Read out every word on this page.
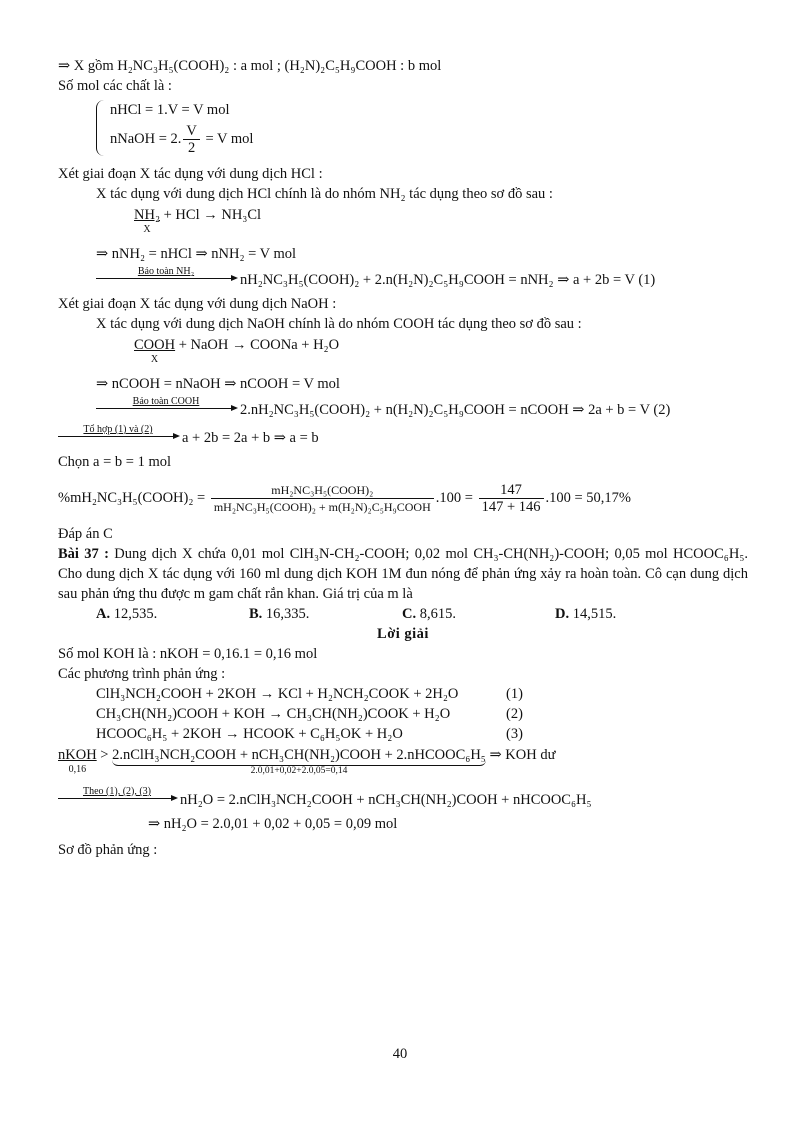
⇒ X gồm H₂NC₃H₅(COOH)₂ : a mol ; (H₂N)₂C₅H₉COOH : b mol
Số mol các chất là :
nHCl = 1.V = V mol
nNaOH = 2. $\frac{V}{2} = V$ mol
Xét giai đoạn X tác dụng với dung dịch HCl :
X tác dụng với dung dịch HCl chính là do nhóm NH₂ tác dụng theo sơ đồ sau :
NH₂
X
+ HCl → NH₃Cl
⇒ nNH₂ = nHCl ⇒ nNH₂ = V mol
Bảo toàn NH₂
nH₂NC₃H₅(COOH)₂ + 2.n(H₂N)₂C₅H₉COOH = nNH₂ ⇒ a + 2b = V (1)
Xét giai đoạn X tác dụng với dung dịch NaOH :
X tác dụng với dung dịch NaOH chính là do nhóm COOH tác dụng theo sơ đồ sau :
COOH
X
+ NaOH → COONa + H₂O
⇒ nCOOH = nNaOH ⇒ nCOOH = V mol
Bảo toàn COOH
2.nH₂NC₃H₅(COOH)₂ + n(H₂N)₂C₅H₉COOH = nCOOH ⇒ 2a + b = V (2)
Tổ hợp (1) và (2)
a + 2b = 2a + b ⇒ a = b
Chọn a = b = 1 mol
%mH₂NC₃H₅(COOH)₂ = $\frac{\text{mH₂NC₃H₅(COOH)₂}}{\text{mH₂NC₃H₅(COOH)₂ + m(H₂N)₂C₅H₉COOH}} .100 = \frac{147}{147 + 146} .100 = 50,17\%$
Đáp án C
Bài 37 : Dung dịch X chứa 0,01 mol ClH₃N-CH₂-COOH; 0,02 mol CH₃-CH(NH₂)-COOH; 0,05 mol HCOOC₆H₅. Cho dung dịch X tác dụng với 160 ml dung dịch KOH 1M đun nóng để phản ứng xảy ra hoàn toàn. Cô cạn dung dịch sau phản ứng thu được m gam chất rắn khan. Giá trị của m là
A. 12,535.	B. 16,335.	C. 8,615.	D. 14,515.
Lời giải
Số mol KOH là : nKOH = 0,16.1 = 0,16 mol
Các phương trình phản ứng :
ClH₃NCH₂COOH + 2KOH → KCl + H₂NCH₂COOK + 2H₂O	(1)
CH₃CH(NH₂)COOH + KOH → CH₃CH(NH₂)COOK + H₂O	(2)
HCOOC₆H₅ + 2KOH → HCOOK + C₆H₅OK + H₂O	(3)
nKOH
0,16
> 2.nClH₃NCH₂COOH + nCH₃CH(NH₂)COOH + 2.nHCOOC₆H₅
2.0,01+0,02+2.0,05=0,14
⇒ KOH dư
Theo (1), (2), (3)
nH₂O = 2.nClH₃NCH₂COOH + nCH₃CH(NH₂)COOH + nHCOOC₆H₅
⇒ nH₂O = 2.0,01 + 0,02 + 0,05 = 0,09 mol
Sơ đồ phản ứng :
40
